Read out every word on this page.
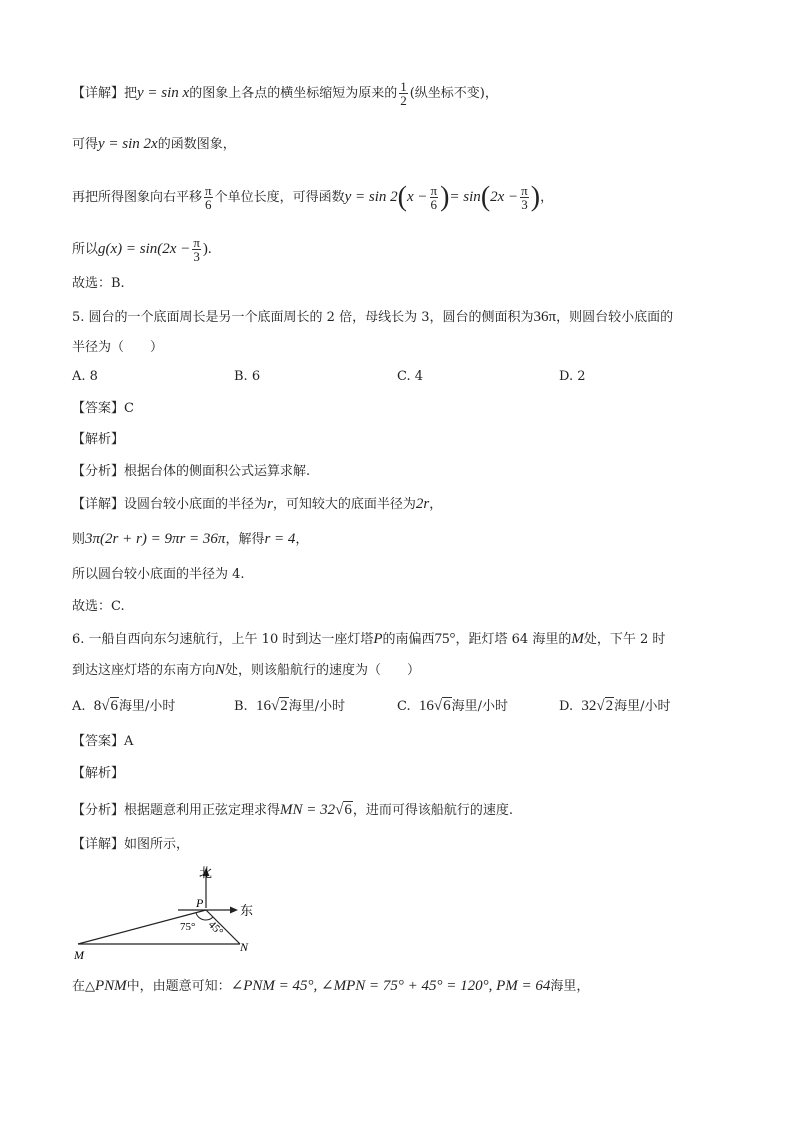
【详解】把y = sin x的图象上各点的横坐标缩短为原来的 $\frac{1}{2}$ (纵坐标不变)，
可得y = sin 2x的函数图象，
再把所得图象向右平移 $\frac{\pi}{6}$ 个单位长度，可得函数$y = \sin 2(x - \frac{\pi}{6}$ )= $\sin(2x - \frac{\pi}{3}$ )，
所以$g(x) = \sin(2x - \frac{\pi}{3}$ ).
故选：B.
5. 圆台的一个底面周长是另一个底面周长的 2 倍，母线长为 3，圆台的侧面积为36π，则圆台较小底面的
半径为（　　）
A. 8	B. 6	C. 4	D. 2
【答案】C
【解析】
【分析】根据台体的侧面积公式运算求解.
【详解】设圆台较小底面的半径为r，可知较大的底面半径为2r，
则3π(2r + r) = 9πr = 36π，解得r = 4，
所以圆台较小底面的半径为 4.
故选：C.
6. 一船自西向东匀速航行，上午 10 时到达一座灯塔P的南偏西75°，距灯塔 64 海里的M处，下午 2 时
到达这座灯塔的东南方向N处，则该船航行的速度为（　　）
A. 8√6海里/小时	B. 16√2海里/小时	C. 16√6海里/小时	D. 32√2海里/小时
【答案】A
【解析】
【分析】根据题意利用正弦定理求得MN = 32√6，进而可得该船航行的速度.
【详解】如图所示，
北
东
P
M
N
75° 45°
在△PNM中，由题意可知：∠PNM = 45°, ∠MPN = 75° + 45° = 120°, PM = 64海里，
